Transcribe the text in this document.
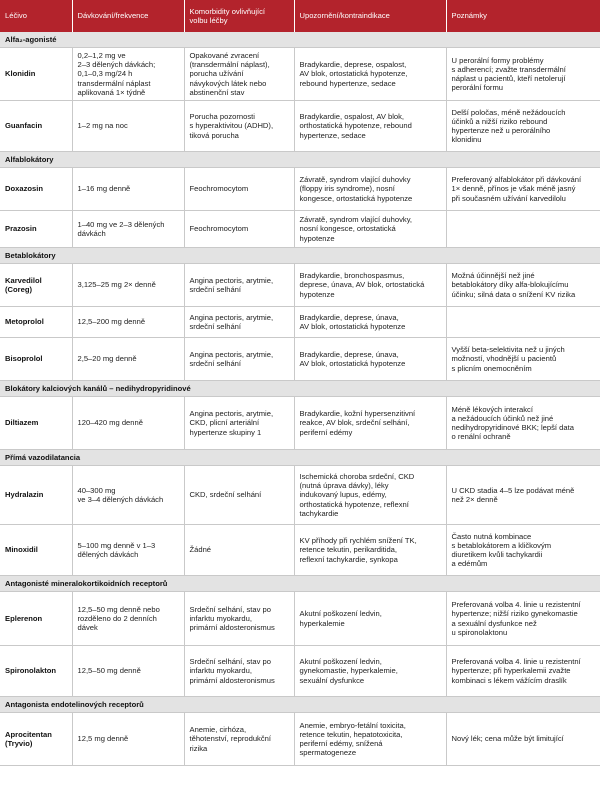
Léčivo	Dávkování/frekvence	Komorbidity ovlivňující
volbu léčby	Upozornění/kontraindikace	Poznámky
Alfa₂-agonisté				

Klonidin	0,2–1,2 mg ve
2–3 dělených dávkách;
0,1–0,3 mg/24 h
transdermální náplast
aplikovaná 1× týdně	Opakované zvracení
(transdermální náplast),
porucha užívání
návykových látek nebo
abstinenční stav	Bradykardie, deprese, ospalost,
AV blok, ortostatická hypotenze,
rebound hypertenze, sedace	U perorální formy problémy
s adherencí; zvažte transdermální
náplast u pacientů, kteří netolerují
perorální formu

Guanfacin	1–2 mg na noc	Porucha pozornosti
s hyperaktivitou (ADHD),
tiková porucha	Bradykardie, ospalost, AV blok,
orthostatická hypotenze, rebound
hypertenze, sedace	Delší poločas, méně nežádoucích
účinků a nižší riziko rebound
hypertenze než u perorálního
klonidinu

Alfablokátory				

Doxazosin	1–16 mg denně	Feochromocytom	Závratě, syndrom vlající duhovky
(floppy iris syndrome), nosní
kongesce, ortostatická hypotenze	Preferovaný alfablokátor při dávkování
1× denně, přínos je však méně jasný
při současném užívání karvedilolu

Prazosin	1–40 mg ve 2–3 dělených
dávkách	Feochromocytom	Závratě, syndrom vlající duhovky,
nosní kongesce, ortostatická
hypotenze	

Betablokátory				

Karvedilol
(Coreg)	3,125–25 mg 2× denně	Angina pectoris, arytmie,
srdeční selhání	Bradykardie, bronchospasmus,
deprese, únava, AV blok, ortostatická
hypotenze	Možná účinnější než jiné
betablokátory díky alfa-blokujícímu
účinku; silná data o snížení KV rizika

Metoprolol	12,5–200 mg denně	Angina pectoris, arytmie,
srdeční selhání	Bradykardie, deprese, únava,
AV blok, ortostatická hypotenze	

Bisoprolol	2,5–20 mg denně	Angina pectoris, arytmie,
srdeční selhání	Bradykardie, deprese, únava,
AV blok, ortostatická hypotenze	Vyšší beta-selektivita než u jiných
možností, vhodnější u pacientů
s plicním onemocněním

Blokátory kalciových kanálů – nedihydropyridinové				

Diltiazem	120–420 mg denně	Angina pectoris, arytmie,
CKD, plicní arteriální
hypertenze skupiny 1	Bradykardie, kožní hypersenzitivní
reakce, AV blok, srdeční selhání,
periferní edémy	Méně lékových interakcí
a nežádoucích účinků než jiné
nedihydropyridinové BKK; lepší data
o renální ochraně

Přímá vazodilatancia				

Hydralazin	40–300 mg
ve 3–4 dělených dávkách	CKD, srdeční selhání	Ischemická choroba srdeční, CKD
(nutná úprava dávky), léky
indukovaný lupus, edémy,
orthostatická hypotenze, reflexní
tachykardie	U CKD stadia 4–5 lze podávat méně
než 2× denně

Minoxidil	5–100 mg denně v 1–3
dělených dávkách	Žádné	KV příhody při rychlém snížení TK,
retence tekutin, perikarditida,
reflexní tachykardie, synkopa	Často nutná kombinace
s betablokátorem a kličkovým
diuretikem kvůli tachykardii
a edémům

Antagonisté mineralokortikoidních receptorů				

Eplerenon	12,5–50 mg denně nebo
rozděleno do 2 denních
dávek	Srdeční selhání, stav po
infarktu myokardu,
primární aldosteronismus	Akutní poškození ledvin,
hyperkalemie	Preferovaná volba 4. linie u rezistentní
hypertenze; nižší riziko gynekomastie
a sexuální dysfunkce než
u spironolaktonu

Spironolakton	12,5–50 mg denně	Srdeční selhání, stav po
infarktu myokardu,
primární aldosteronismus	Akutní poškození ledvin,
gynekomastie, hyperkalemie,
sexuální dysfunkce	Preferovaná volba 4. linie u rezistentní
hypertenze; při hyperkalemii zvažte
kombinaci s lékem vážícím draslík

Antagonista endotelinových receptorů				

Aprocitentan
(Tryvio)	12,5 mg denně	Anemie, cirhóza,
těhotenství, reprodukční
rizika	Anemie, embryo-fetální toxicita,
retence tekutin, hepatotoxicita,
periferní edémy, snížená
spermatogeneze	Nový lék; cena může být limitující
